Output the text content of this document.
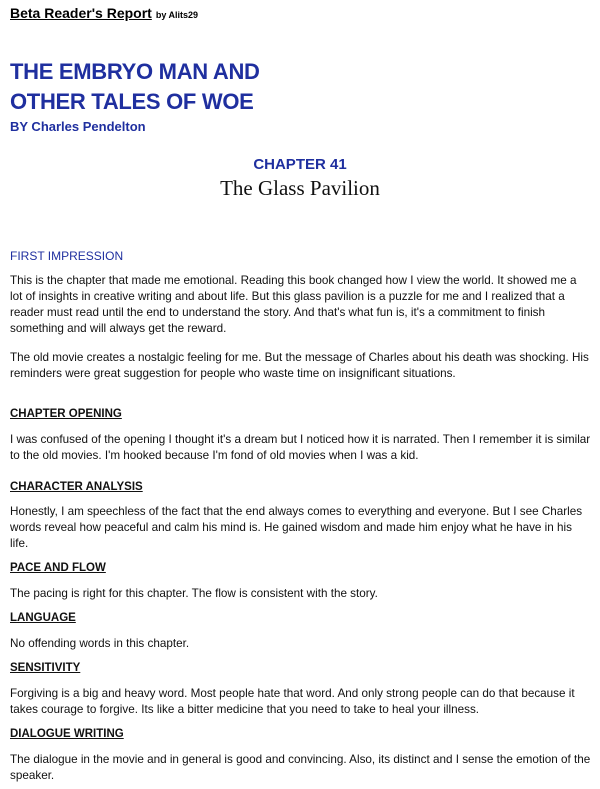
Beta Reader's Report by Alits29
THE EMBRYO MAN AND
OTHER TALES OF WOE
BY Charles Pendelton
CHAPTER 41
The Glass Pavilion
FIRST IMPRESSION

This is the chapter that made me emotional. Reading this book changed how I view the world. It showed me a lot of insights in creative writing and about life. But this glass pavilion is a puzzle for me and I realized that a reader must read until the end to understand the story. And that's what fun is, it's a commitment to finish something and will always get the reward.

The old movie creates a nostalgic feeling for me. But the message of Charles about his death was shocking. His reminders were great suggestion for people who waste time on insignificant situations.

CHAPTER OPENING

I was confused of the opening I thought it's a dream but I noticed how it is narrated. Then I remember it is similar to the old movies. I'm hooked because I'm fond of old movies when I was a kid.

CHARACTER ANALYSIS

Honestly, I am speechless of the fact that the end always comes to everything and everyone. But I see Charles words reveal how peaceful and calm his mind is. He gained wisdom and made him enjoy what he have in his life.

PACE AND FLOW

The pacing is right for this chapter. The flow is consistent with the story.

LANGUAGE

No offending words in this chapter.

SENSITIVITY

Forgiving is a big and heavy word. Most people hate that word. And only strong people can do that because it takes courage to forgive. Its like a bitter medicine that you need to take to heal your illness.

DIALOGUE WRITING

The dialogue in the movie and in general is good and convincing. Also, its distinct and I sense the emotion of the speaker.
